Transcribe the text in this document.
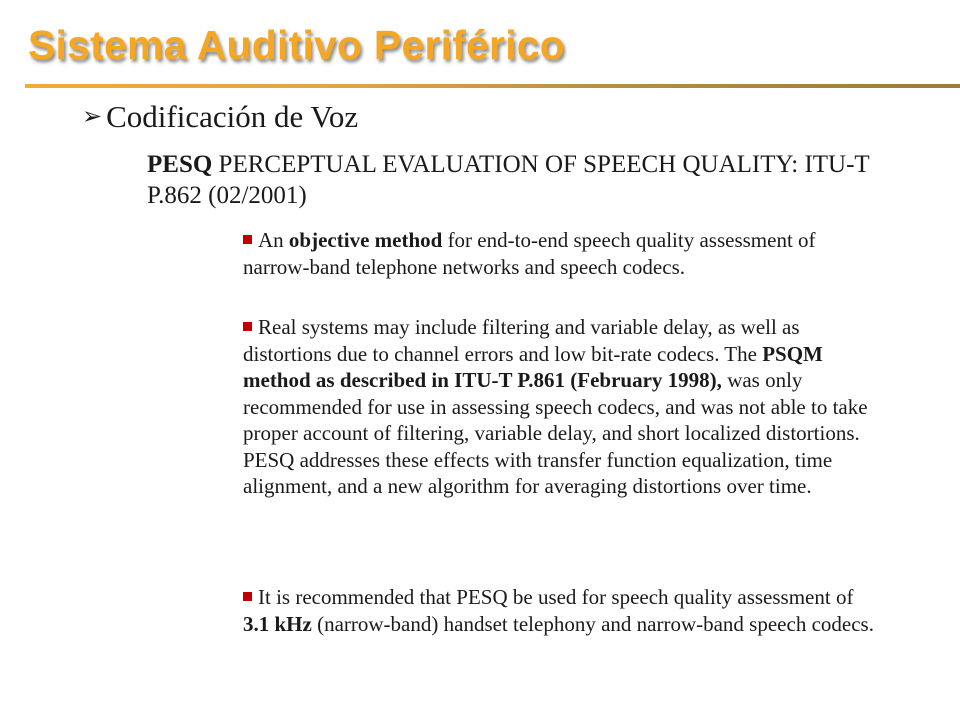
Sistema Auditivo Periférico
➢ Codificación de Voz
PESQ PERCEPTUAL EVALUATION OF SPEECH QUALITY: ITU-T P.862 (02/2001)
An objective method for end-to-end speech quality assessment of narrow-band telephone networks and speech codecs.
Real systems may include filtering and variable delay, as well as distortions due to channel errors and low bit-rate codecs. The PSQM method as described in ITU-T P.861 (February 1998), was only recommended for use in assessing speech codecs, and was not able to take proper account of filtering, variable delay, and short localized distortions. PESQ addresses these effects with transfer function equalization, time alignment, and a new algorithm for averaging distortions over time.
It is recommended that PESQ be used for speech quality assessment of 3.1 kHz (narrow-band) handset telephony and narrow-band speech codecs.
